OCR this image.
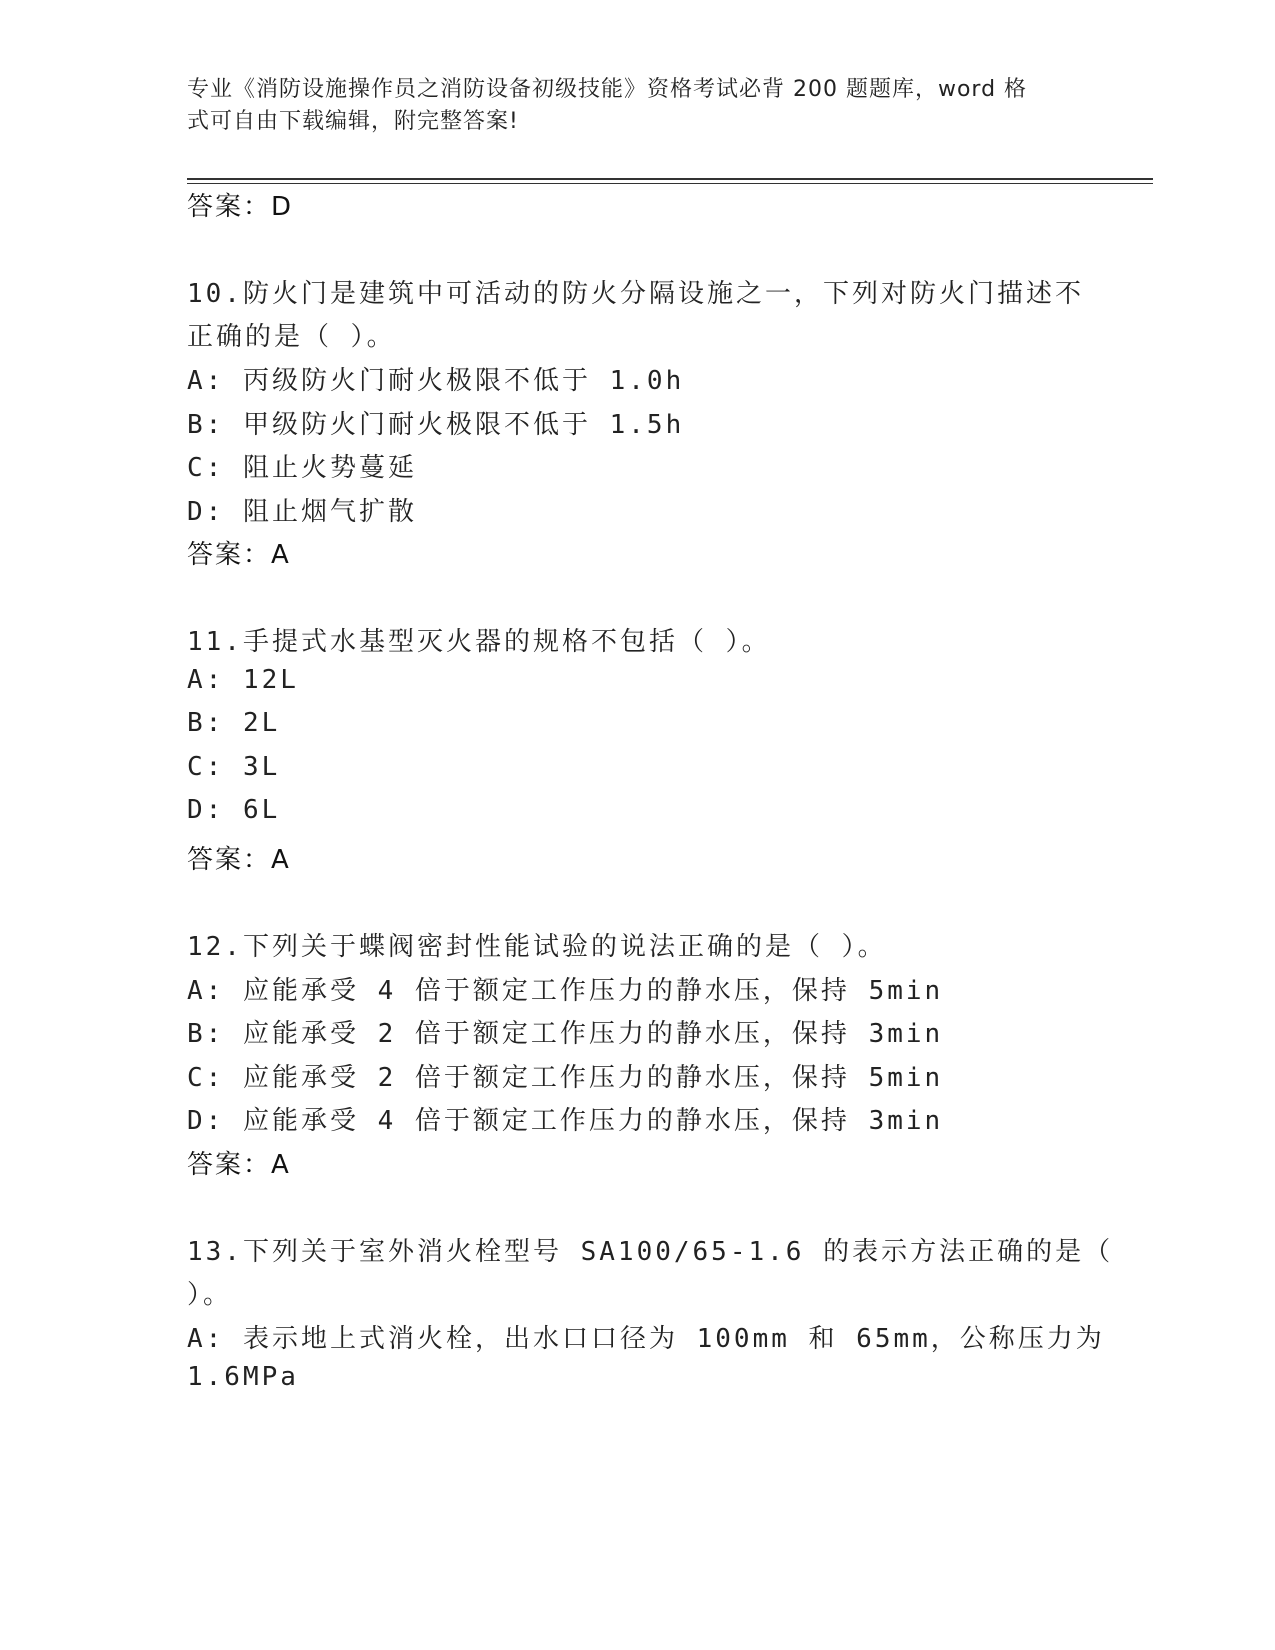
专业《消防设施操作员之消防设备初级技能》资格考试必背 200 题题库，word 格
式可自由下载编辑，附完整答案!
答案：D
10.防火门是建筑中可活动的防火分隔设施之一，下列对防火门描述不
正确的是（ ）。
A: 丙级防火门耐火极限不低于 1.0h
B: 甲级防火门耐火极限不低于 1.5h
C: 阻止火势蔓延
D: 阻止烟气扩散
答案：A
11.手提式水基型灭火器的规格不包括（ ）。
A: 12L
B: 2L
C: 3L
D: 6L
答案：A
12.下列关于蝶阀密封性能试验的说法正确的是（ ）。
A: 应能承受 4 倍于额定工作压力的静水压，保持 5min
B: 应能承受 2 倍于额定工作压力的静水压，保持 3min
C: 应能承受 2 倍于额定工作压力的静水压，保持 5min
D: 应能承受 4 倍于额定工作压力的静水压，保持 3min
答案：A
13.下列关于室外消火栓型号 SA100/65-1.6 的表示方法正确的是（
）。
A: 表示地上式消火栓，出水口口径为 100mm 和 65mm，公称压力为
1.6MPa
